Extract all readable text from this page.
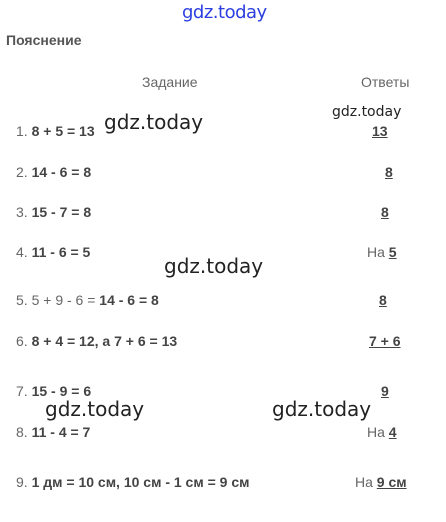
gdz.today
Пояснение
Задание	Ответы
1. 8 + 5 = 13	13
2. 14 - 6 = 8	8
3. 15 - 7 = 8	8
4. 11 - 6 = 5	На 5
5. 5 + 9 - 6 = 14 - 6 = 8	8
6. 8 + 4 = 12, а 7 + 6 = 13	7 + 6
7. 15 - 9 = 6	9
8. 11 - 4 = 7	На 4
9. 1 дм = 10 см, 10 см - 1 см = 9 см	На 9 см
gdz.today
gdz.today
gdz.today
gdz.today	gdz.today
